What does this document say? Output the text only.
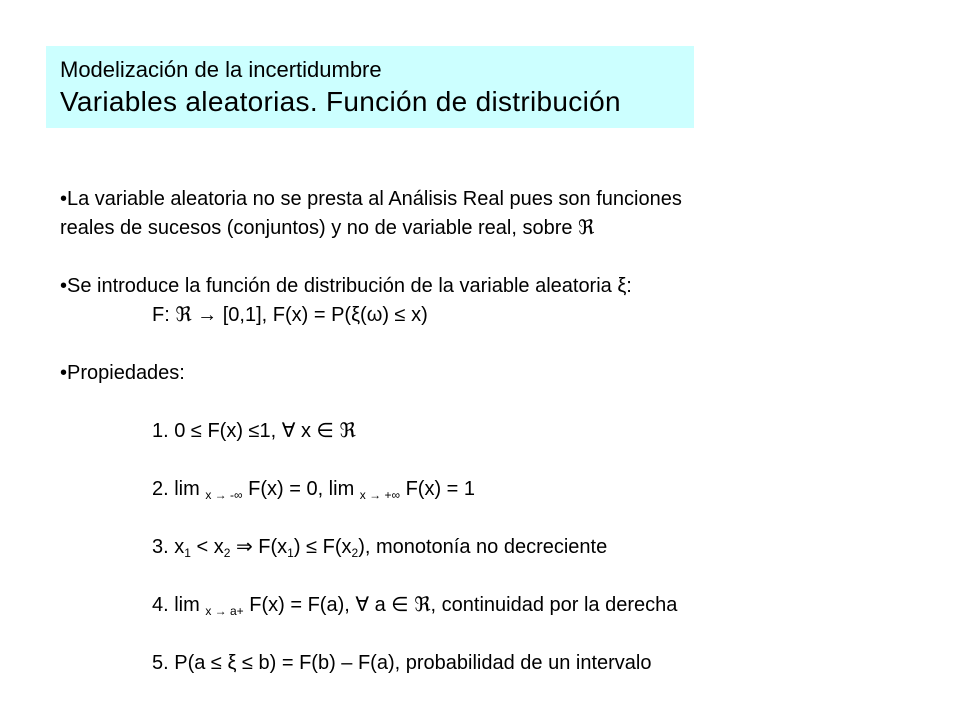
Modelización de la incertidumbre
Variables aleatorias. Función de distribución
•La variable aleatoria no se presta al Análisis Real pues son funciones
reales de sucesos (conjuntos) y no de variable real, sobre ℜ
•Se introduce la función de distribución de la variable aleatoria ξ:
F: ℜ → [0,1], F(x) = P(ξ(ω) ≤ x)
•Propiedades:
1. 0 ≤ F(x) ≤1, ∀ x ∈ ℜ
2. lim $_{x \to -\infty}$ F(x) = 0, lim $_{x \to +\infty}$ F(x) = 1
3. $x_1 < x_2$ ⇒ $F(x_1) \le F(x_2)$, monotonía no decreciente
4. lim $_{x \to a+}$ F(x) = F(a), ∀ a ∈ ℜ, continuidad por la derecha
5. P(a ≤ ξ ≤ b) = F(b) – F(a), probabilidad de un intervalo
